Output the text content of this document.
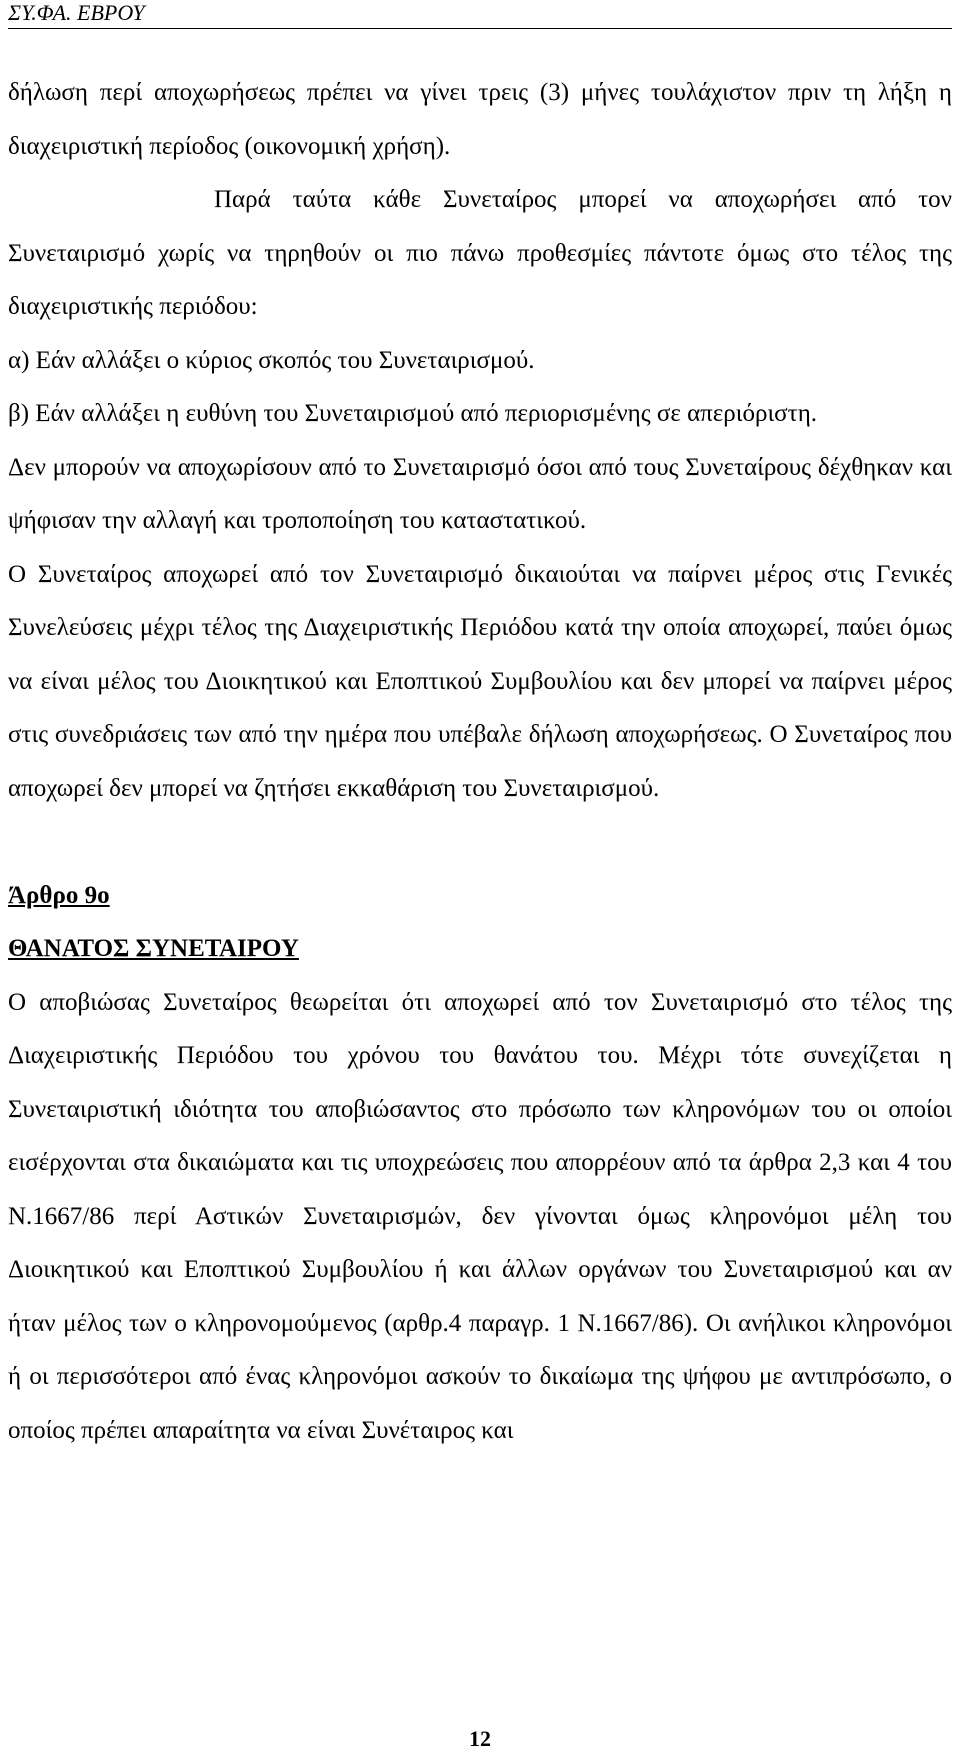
ΣΥ.ΦΑ. ΕΒΡΟΥ

δήλωση περί αποχωρήσεως πρέπει να γίνει τρεις (3) μήνες τουλάχιστον πριν τη λήξη η διαχειριστική περίοδος (οικονομική χρήση).

Παρά ταύτα κάθε Συνεταίρος μπορεί να αποχωρήσει από τον Συνεταιρισμό χωρίς να τηρηθούν οι πιο πάνω προθεσμίες πάντοτε όμως στο τέλος της διαχειριστικής περιόδου:

α) Εάν αλλάξει ο κύριος σκοπός του Συνεταιρισμού.

β) Εάν αλλάξει η ευθύνη του Συνεταιρισμού από περιορισμένης σε απεριόριστη.

Δεν μπορούν να αποχωρίσουν από το Συνεταιρισμό όσοι από τους Συνεταίρους δέχθηκαν και ψήφισαν την αλλαγή και τροποποίηση του καταστατικού.

Ο Συνεταίρος αποχωρεί από τον Συνεταιρισμό δικαιούται να παίρνει μέρος στις Γενικές Συνελεύσεις μέχρι τέλος της Διαχειριστικής Περιόδου κατά την οποία αποχωρεί, παύει όμως να είναι μέλος του Διοικητικού και Εποπτικού Συμβουλίου και δεν μπορεί να παίρνει μέρος στις συνεδριάσεις των από την ημέρα που υπέβαλε δήλωση αποχωρήσεως. Ο Συνεταίρος που αποχωρεί δεν μπορεί να ζητήσει εκκαθάριση του Συνεταιρισμού.

Άρθρο 9ο

ΘΑΝΑΤΟΣ ΣΥΝΕΤΑΙΡΟΥ

Ο αποβιώσας Συνεταίρος θεωρείται ότι αποχωρεί από τον Συνεταιρισμό στο τέλος της Διαχειριστικής Περιόδου του χρόνου του θανάτου του. Μέχρι τότε συνεχίζεται η Συνεταιριστική ιδιότητα του αποβιώσαντος στο πρόσωπο των κληρονόμων του οι οποίοι εισέρχονται στα δικαιώματα και τις υποχρεώσεις που απορρέουν από τα άρθρα 2,3 και 4 του Ν.1667/86 περί Αστικών Συνεταιρισμών, δεν γίνονται όμως κληρονόμοι μέλη του Διοικητικού και Εποπτικού Συμβουλίου ή και άλλων οργάνων του Συνεταιρισμού και αν ήταν μέλος των ο κληρονομούμενος (αρθρ.4 παραγρ. 1 Ν.1667/86). Οι ανήλικοι κληρονόμοι ή οι περισσότεροι από ένας κληρονόμοι ασκούν το δικαίωμα της ψήφου με αντιπρόσωπο, ο οποίος πρέπει απαραίτητα να είναι Συνέταιρος και

12
